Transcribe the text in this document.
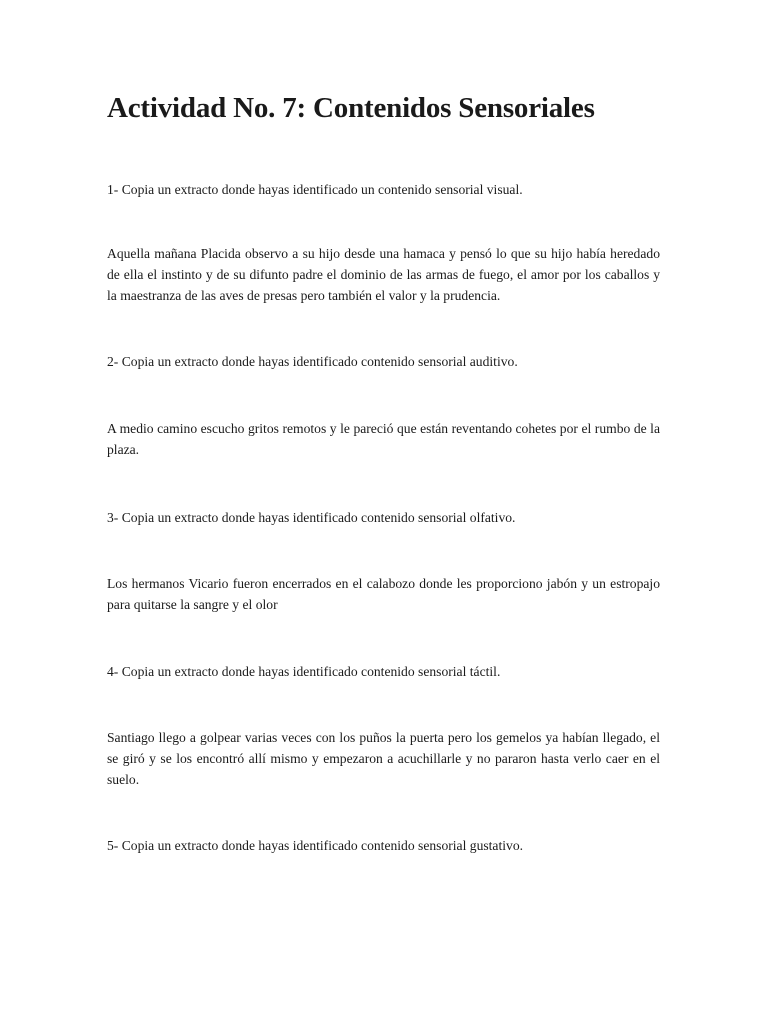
Actividad No. 7: Contenidos Sensoriales

1- Copia un extracto donde hayas identificado un contenido sensorial visual.

Aquella mañana Placida observo a su hijo desde una hamaca y pensó lo que su hijo había heredado de ella el instinto y de su difunto padre el dominio de las armas de fuego, el amor por los caballos y la maestranza de las aves de presas pero también el valor y la prudencia.

2- Copia un extracto donde hayas identificado contenido sensorial auditivo.

A medio camino escucho gritos remotos y le pareció que están reventando cohetes por el rumbo de la plaza.

3- Copia un extracto donde hayas identificado contenido sensorial olfativo.

Los hermanos Vicario fueron encerrados en el calabozo donde les proporciono jabón y un estropajo para quitarse la sangre y el olor

4- Copia un extracto donde hayas identificado contenido sensorial táctil.

Santiago llego a golpear varias veces con los puños la puerta pero los gemelos ya habían llegado, el se giró y se los encontró allí mismo y empezaron a acuchillarle y no pararon hasta verlo caer en el suelo.

5- Copia un extracto donde hayas identificado contenido sensorial gustativo.
